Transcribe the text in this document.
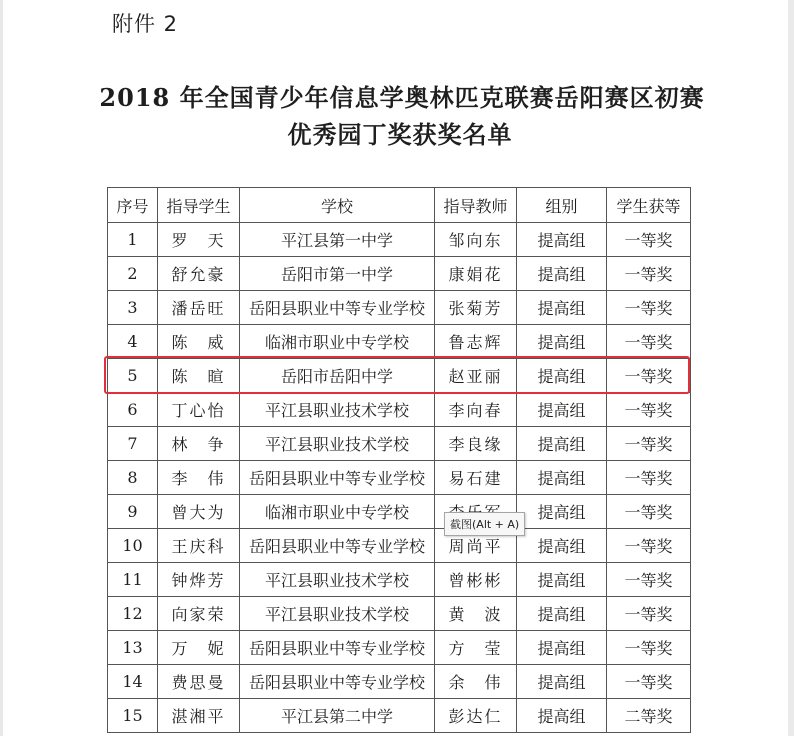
附件 2
2018 年全国青少年信息学奥林匹克联赛岳阳赛区初赛
优秀园丁奖获奖名单
序号	指导学生	学校	指导教师	组别	学生获等
1	罗　天	平江县第一中学	邹向东	提高组	一等奖
2	舒允豪	岳阳市第一中学	康娟花	提高组	一等奖
3	潘岳旺	岳阳县职业中等专业学校	张菊芳	提高组	一等奖
4	陈　威	临湘市职业中专学校	鲁志辉	提高组	一等奖
5	陈　暄	岳阳市岳阳中学	赵亚丽	提高组	一等奖
6	丁心怡	平江县职业技术学校	李向春	提高组	一等奖
7	林　争	平江县职业技术学校	李良缘	提高组	一等奖
8	李　伟	岳阳县职业中等专业学校	易石建	提高组	一等奖
9	曾大为	临湘市职业中专学校		提高组	一等奖
10	王庆科	岳阳县职业中等专业学校	周尚平	提高组	一等奖
11	钟烨芳	平江县职业技术学校	曾彬彬	提高组	一等奖
12	向家荣	平江县职业技术学校	黄　波	提高组	一等奖
13	万　妮	岳阳县职业中等专业学校	方　莹	提高组	一等奖
14	费思曼	岳阳县职业中等专业学校	余　伟	提高组	一等奖
15	湛湘平	平江县第二中学	彭达仁	提高组	二等奖
截图(Alt + A)
